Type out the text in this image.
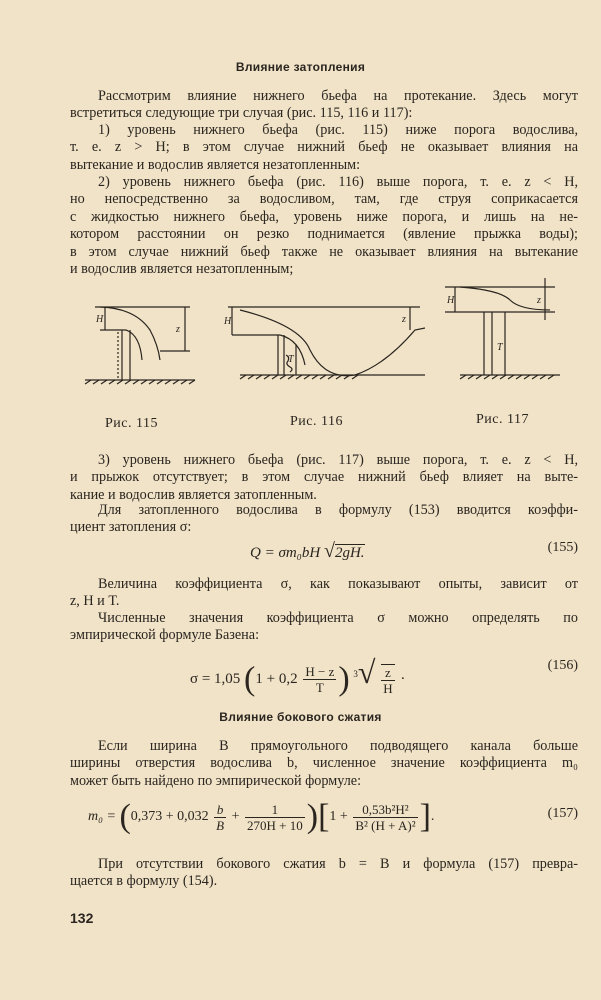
Влияние затопления

Рассмотрим влияние нижнего бьефа на протекание. Здесь могут
встретиться следующие три случая (рис. 115, 116 и 117):

1) уровень нижнего бьефа (рис. 115) ниже порога водослива,
т. е. z > H; в этом случае нижний бьеф не оказывает влияния на
вытекание и водослив является незатопленным:

2) уровень нижнего бьефа (рис. 116) выше порога, т. е. z < H,
но непосредственно за водосливом, там, где струя соприкасается
с жидкостью нижнего бьефа, уровень ниже порога, и лишь на не-
котором расстоянии он резко поднимается (явление прыжка воды);
в этом случае нижний бьеф также не оказывает влияния на вытекание
и водослив является незатопленным;

H
z
H	z
T
H	z
T
Рис. 115	Рис. 116	Рис. 117

3) уровень нижнего бьефа (рис. 117) выше порога, т. е. z < H,
и прыжок отсутствует; в этом случае нижний бьеф влияет на выте-
кание и водослив является затопленным.

Для затопленного водослива в формулу (153) вводится коэффи-
циент затопления σ:

Q = σm₀bH √2gH.	(155)

Величина коэффициента σ, как показывают опыты, зависит от
z, H и T.

Численные значения коэффициента σ можно определять по
эмпирической формуле Базена:

σ = 1,05 ($1 + 0,2 \frac{H - z}{T}$ ) $^3√ \frac{z}{H}$ ·
(156)
Влияние бокового сжатия

Если ширина B прямоугольного подводящего канала больше
ширины отверстия водослива b, численное значение коэффициента m₀
может быть найдено по эмпирической формуле:

$m_0 = (0,373 + 0,032 \frac{b}{B} + \frac{1}{270H + 10} )[1 + \frac{\text{0,53b²H²}}{\text{B² (H + A)²}}$ ].	(157)

При отсутствии бокового сжатия b = B и формула (157) превра-
щается в формулу (154).

132
